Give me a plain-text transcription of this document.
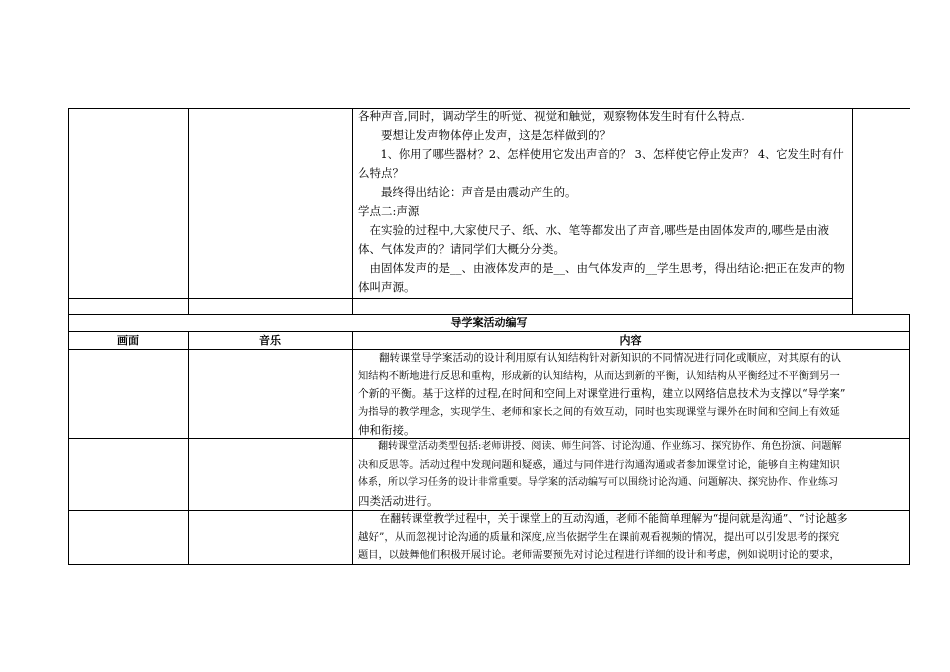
各种声音,同时，调动学生的听觉、视觉和触觉，观察物体发生时有什么特点.
　　要想让发声物体停止发声，这是怎样做到的？
　　1、你用了哪些器材？2、怎样使用它发出声音的？ 3、怎样使它停止发声？ 4、它发生时有什
么特点？
　　最终得出结论：声音是由震动产生的。
学点二:声源
　在实验的过程中,大家使尺子、纸、水、笔等都发出了声音,哪些是由固体发声的,哪些是由液
体、气体发声的？请同学们大概分分类。
　由固体发声的是__、由液体发声的是__、由气体发声的__学生思考，得出结论:把正在发声的物
体叫声源。
导学案活动编写
画面	音乐	内容
　　翻转课堂导学案活动的设计利用原有认知结构针对新知识的不同情况进行同化或顺应，对其原有的认
知结构不断地进行反思和重构，形成新的认知结构，从而达到新的平衡，认知结构从平衡经过不平衡到另一
个新的平衡。基于这样的过程,在时间和空间上对课堂进行重构，建立以网络信息技术为支撑以“导学案”
为指导的教学理念，实现学生、老师和家长之间的有效互动，同时也实现课堂与课外在时间和空间上有效延
伸和衔接。
　　翻转课堂活动类型包括:老师讲授、阅读、师生问答、讨论沟通、作业练习、探究协作、角色扮演、问题解
决和反思等。活动过程中发现问题和疑惑，通过与同伴进行沟通沟通或者参加课堂讨论，能够自主构建知识
体系，所以学习任务的设计非常重要。导学案的活动编写可以围绕讨论沟通、问题解决、探究协作、作业练习
四类活动进行。
　　在翻转课堂教学过程中，关于课堂上的互动沟通，老师不能简单理解为“提问就是沟通”、“讨论越多
越好”，从而忽视讨论沟通的质量和深度,应当依据学生在课前观看视频的情况，提出可以引发思考的探究
题目，以鼓舞他们积极开展讨论。老师需要预先对讨论过程进行详细的设计和考虑，例如说明讨论的要求，
